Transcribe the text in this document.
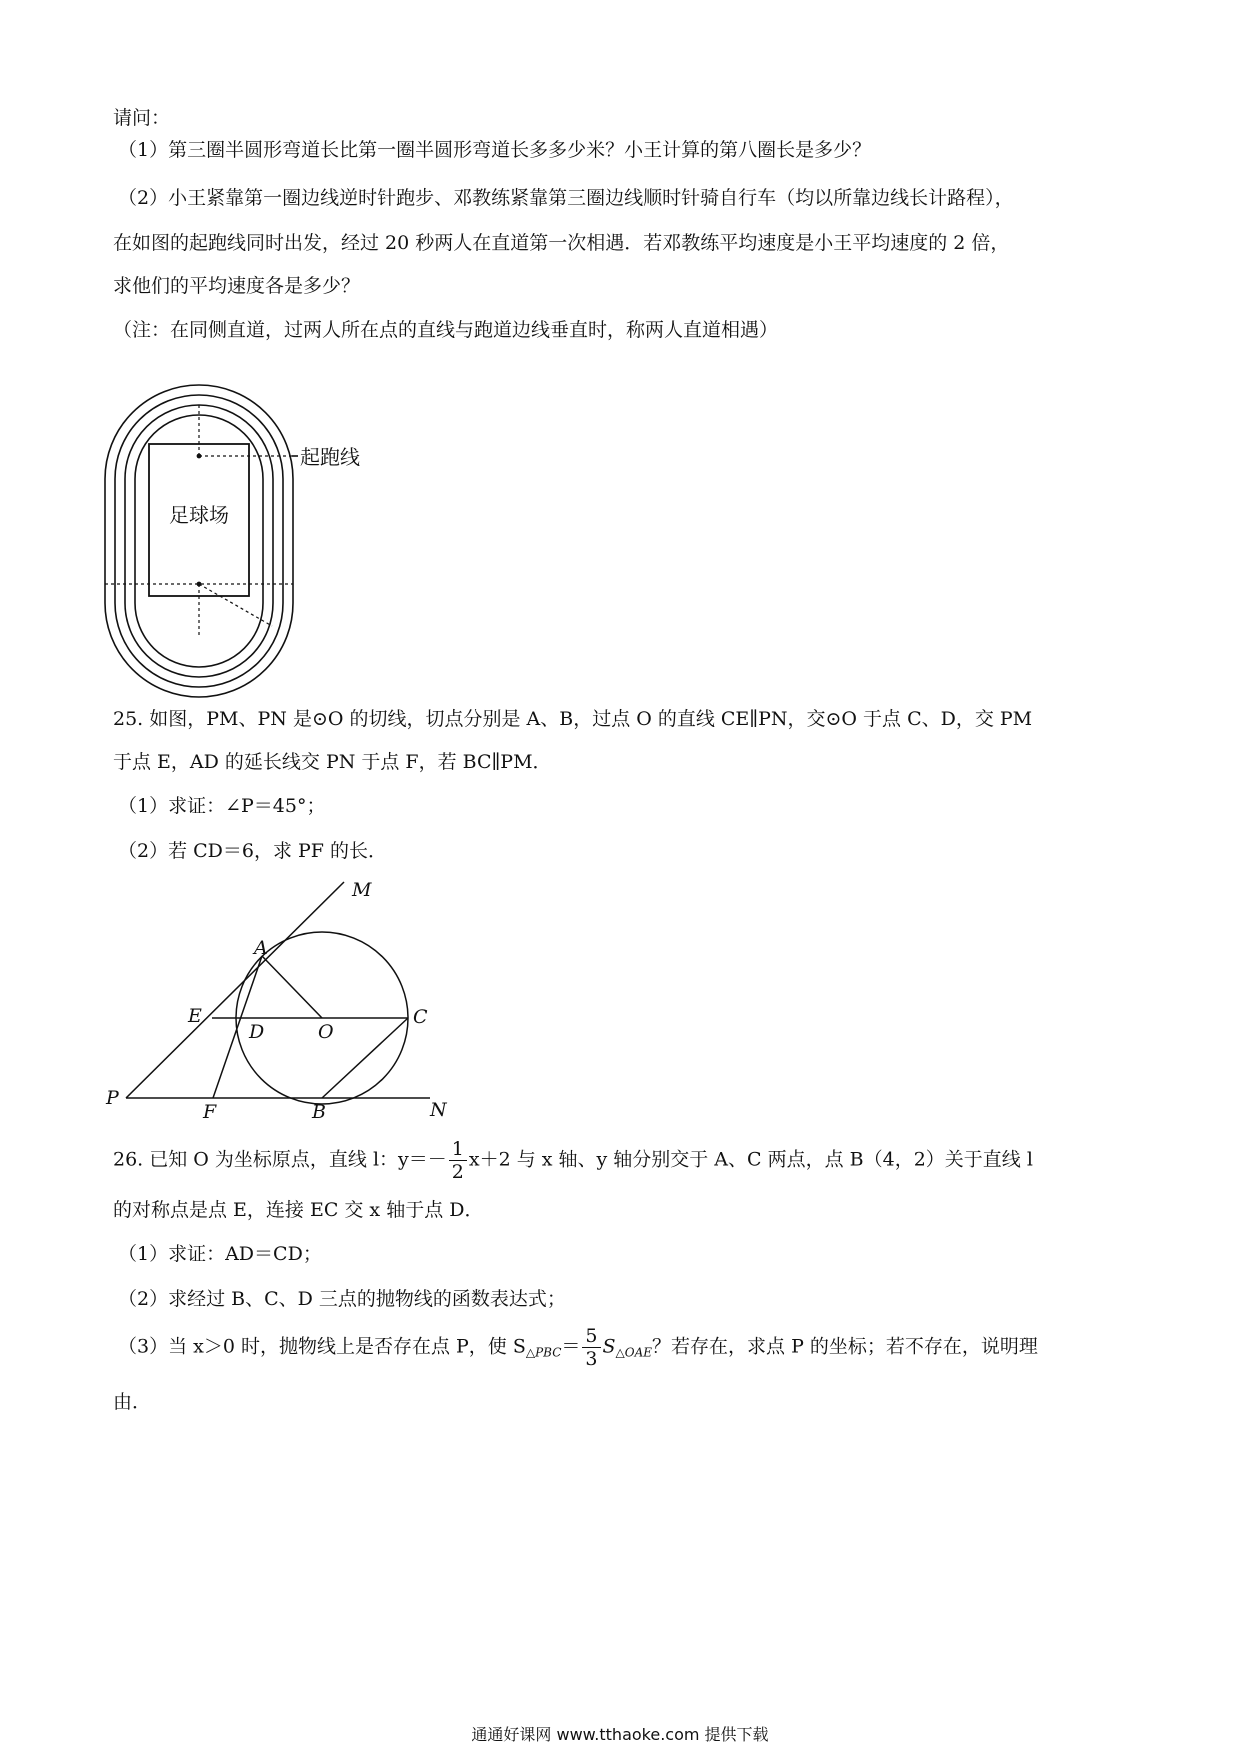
请问：
（1）第三圈半圆形弯道长比第一圈半圆形弯道长多多少米？小王计算的第八圈长是多少？
（2）小王紧靠第一圈边线逆时针跑步、邓教练紧靠第三圈边线顺时针骑自行车（均以所靠边线长计路程），
在如图的起跑线同时出发，经过 20 秒两人在直道第一次相遇．若邓教练平均速度是小王平均速度的 2 倍，
求他们的平均速度各是多少？
（注：在同侧直道，过两人所在点的直线与跑道边线垂直时，称两人直道相遇）
起跑线
足球场
25. 如图，PM、PN 是⊙O 的切线，切点分别是 A、B，过点 O 的直线 CE∥PN，交⊙O 于点 C、D，交 PM
于点 E，AD 的延长线交 PN 于点 F，若 BC∥PM．
（1）求证：∠P＝45°；
（2）若 CD＝6，求 PF 的长．
M
A
E
D	O
C
P
F	B	N
26. 已知 O 为坐标原点，直线 l：$y=- \frac{1}{2} x+2$ 与 x 轴、y 轴分别交于 A、C 两点，点 B（4，2）关于直线 l
的对称点是点 E，连接 EC 交 x 轴于点 D．
（1）求证：AD＝CD；
（2）求经过 B、C、D 三点的抛物线的函数表达式；
（3）当 x＞0 时，抛物线上是否存在点 P，使 $S_{\triangle PBC}= \frac{5}{3} S_{\triangle OAE}$？若存在，求点 P 的坐标；若不存在，说明理
由．
通通好课网 www.tthaoke.com 提供下载
